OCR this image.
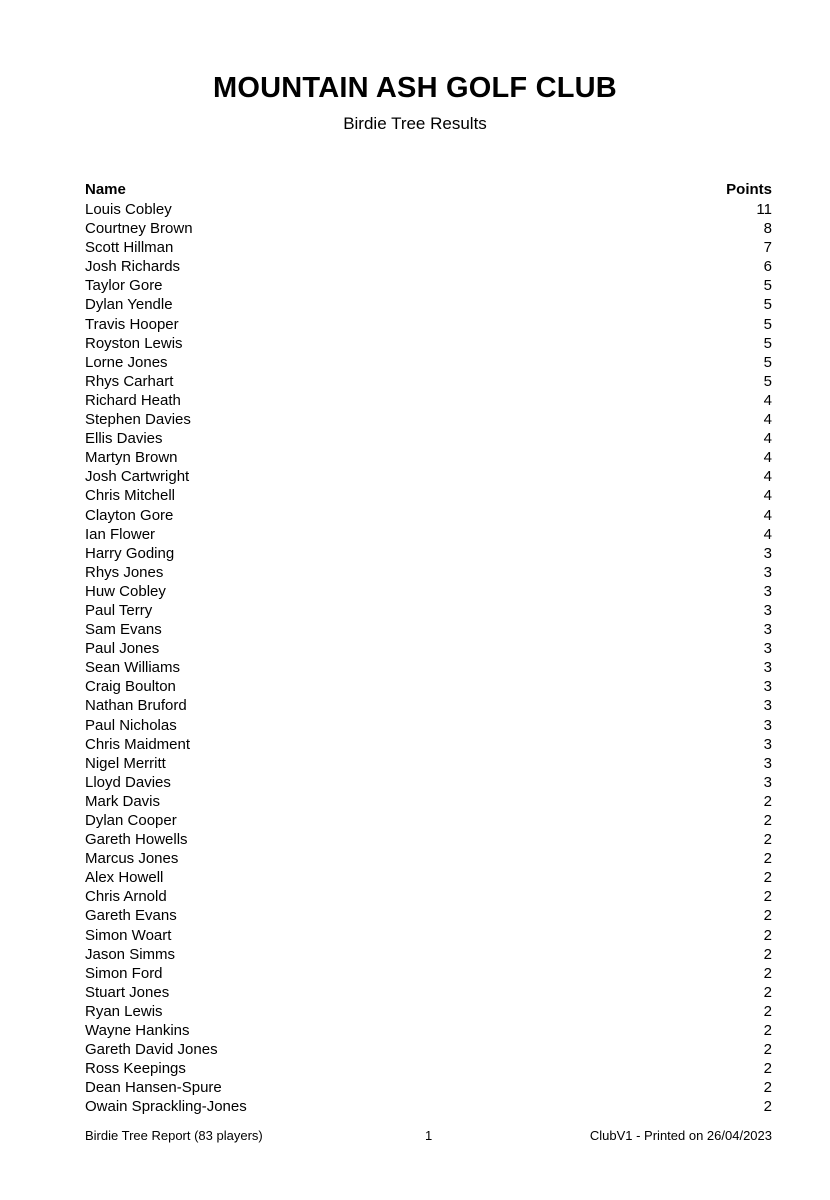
MOUNTAIN ASH GOLF CLUB
Birdie Tree Results
Name	Points
Louis Cobley	11
Courtney Brown	8
Scott Hillman	7
Josh Richards	6
Taylor Gore	5
Dylan Yendle	5
Travis Hooper	5
Royston Lewis	5
Lorne Jones	5
Rhys Carhart	5
Richard Heath	4
Stephen Davies	4
Ellis Davies	4
Martyn Brown	4
Josh Cartwright	4
Chris Mitchell	4
Clayton Gore	4
Ian Flower	4
Harry Goding	3
Rhys Jones	3
Huw Cobley	3
Paul Terry	3
Sam Evans	3
Paul Jones	3
Sean Williams	3
Craig Boulton	3
Nathan Bruford	3
Paul Nicholas	3
Chris Maidment	3
Nigel Merritt	3
Lloyd Davies	3
Mark Davis	2
Dylan Cooper	2
Gareth Howells	2
Marcus Jones	2
Alex Howell	2
Chris Arnold	2
Gareth Evans	2
Simon Woart	2
Jason Simms	2
Simon Ford	2
Stuart Jones	2
Ryan Lewis	2
Wayne Hankins	2
Gareth David Jones	2
Ross Keepings	2
Dean Hansen-Spure	2
Owain Sprackling-Jones	2
Birdie Tree Report (83 players)	1	ClubV1 - Printed on 26/04/2023
